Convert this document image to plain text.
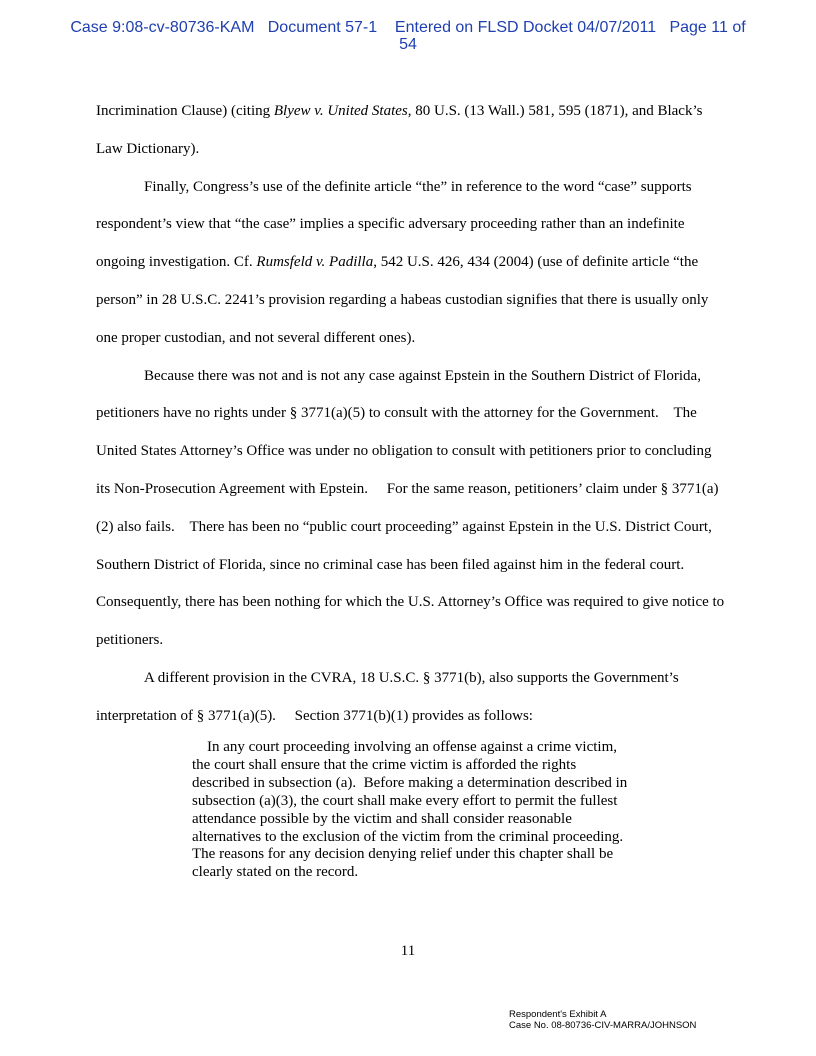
Case 9:08-cv-80736-KAM   Document 57-1    Entered on FLSD Docket 04/07/2011   Page 11 of
54

Incrimination Clause) (citing Blyew v. United States, 80 U.S. (13 Wall.) 581, 595 (1871), and Black’s Law Dictionary).

Finally, Congress’s use of the definite article “the” in reference to the word “case” supports respondent’s view that “the case” implies a specific adversary proceeding rather than an indefinite ongoing investigation. Cf. Rumsfeld v. Padilla, 542 U.S. 426, 434 (2004) (use of definite article “the person” in 28 U.S.C. 2241’s provision regarding a habeas custodian signifies that there is usually only one proper custodian, and not several different ones).

Because there was not and is not any case against Epstein in the Southern District of Florida, petitioners have no rights under § 3771(a)(5) to consult with the attorney for the Government.    The United States Attorney’s Office was under no obligation to consult with petitioners prior to concluding its Non-Prosecution Agreement with Epstein.     For the same reason, petitioners’ claim under § 3771(a)(2) also fails.    There has been no “public court proceeding” against Epstein in the U.S. District Court, Southern District of Florida, since no criminal case has been filed against him in the federal court.    Consequently, there has been nothing for which the U.S. Attorney’s Office was required to give notice to petitioners.

A different provision in the CVRA, 18 U.S.C. § 3771(b), also supports the Government’s interpretation of § 3771(a)(5).     Section 3771(b)(1) provides as follows:

In any court proceeding involving an offense against a crime victim, the court shall ensure that the crime victim is afforded the rights described in subsection (a).  Before making a determination described in subsection (a)(3), the court shall make every effort to permit the fullest attendance possible by the victim and shall consider reasonable alternatives to the exclusion of the victim from the criminal proceeding.  The reasons for any decision denying relief under this chapter shall be clearly stated on the record.

11
Respondent's Exhibit A
Case No. 08-80736-CIV-MARRA/JOHNSON
